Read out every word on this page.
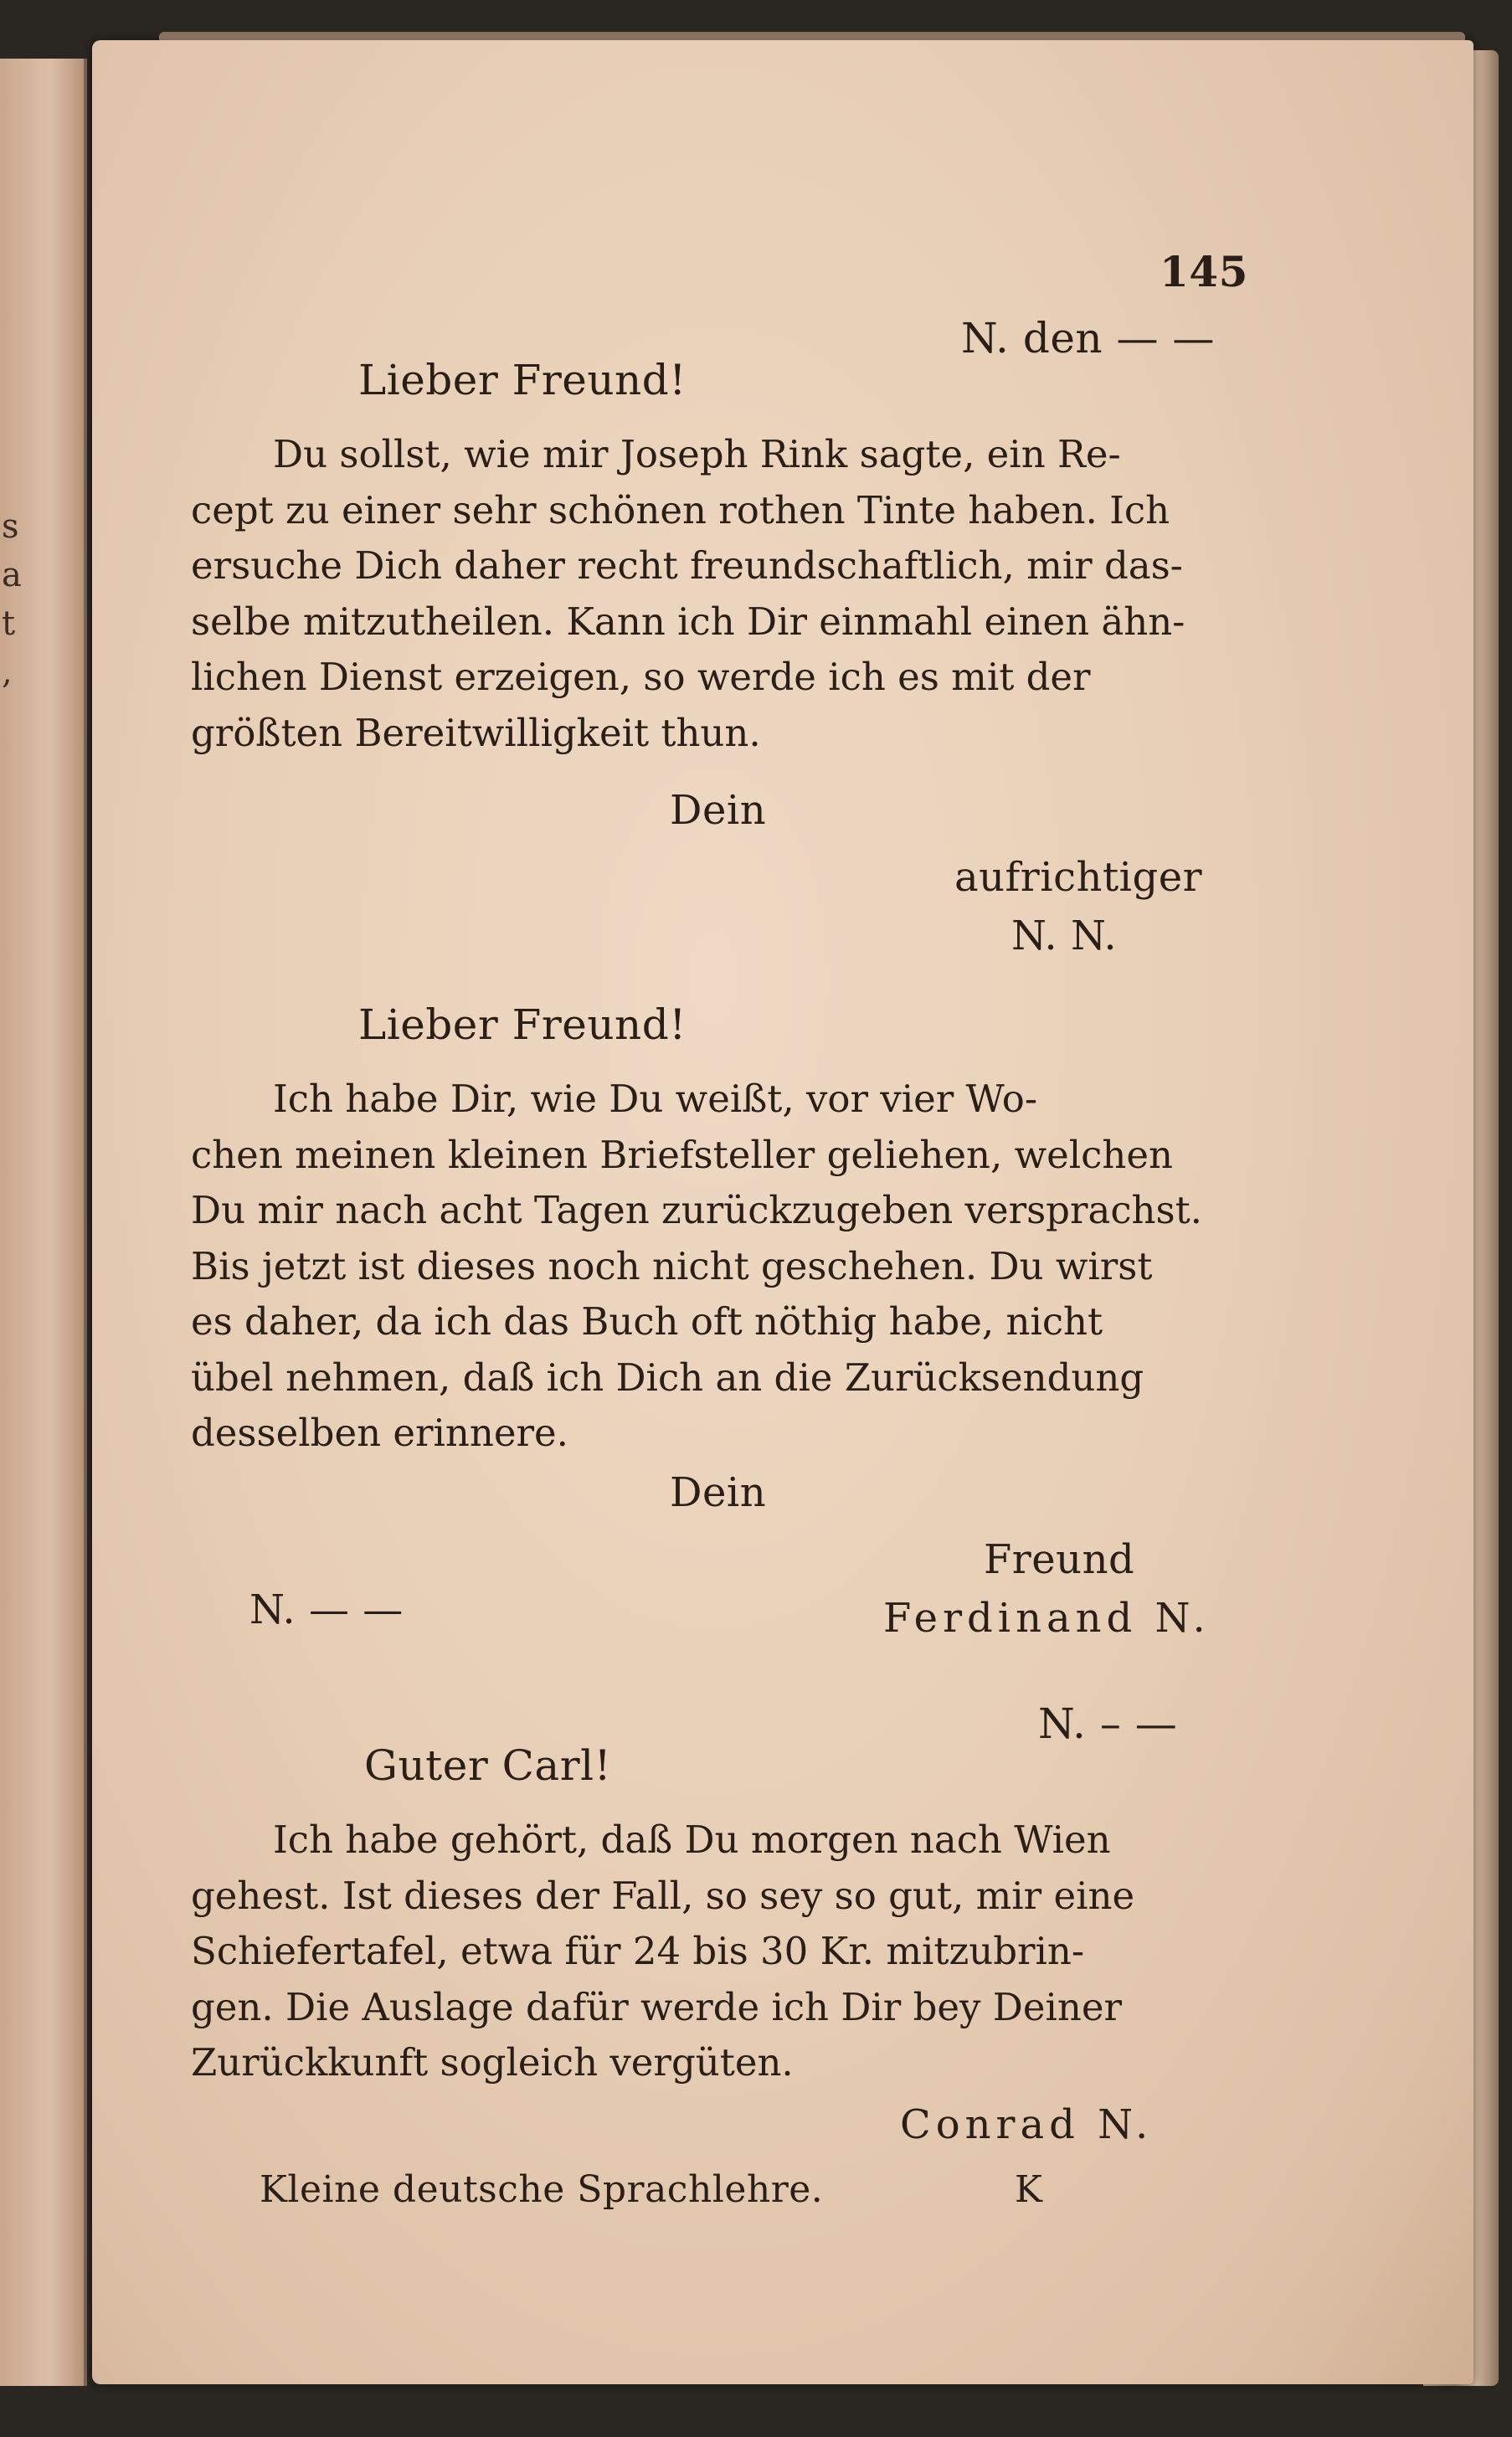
s
a
t
,
145
N. den — —
Lieber Freund!
Du sollst, wie mir Joseph Rink sagte, ein Re-
cept zu einer sehr schönen rothen Tinte haben. Ich
ersuche Dich daher recht freundschaftlich, mir das-
selbe mitzutheilen. Kann ich Dir einmahl einen ähn-
lichen Dienst erzeigen, so werde ich es mit der
größten Bereitwilligkeit thun.
Dein
aufrichtiger
N. N.
Lieber Freund!
Ich habe Dir, wie Du weißt, vor vier Wo-
chen meinen kleinen Briefsteller geliehen, welchen
Du mir nach acht Tagen zurückzugeben versprachst.
Bis jetzt ist dieses noch nicht geschehen. Du wirst
es daher, da ich das Buch oft nöthig habe, nicht
übel nehmen, daß ich Dich an die Zurücksendung
desselben erinnere.
Dein
Freund
N. — —	Ferdinand N.
N. – —
Guter Carl!
Ich habe gehört, daß Du morgen nach Wien
gehest. Ist dieses der Fall, so sey so gut, mir eine
Schiefertafel, etwa für 24 bis 30 Kr. mitzubrin-
gen. Die Auslage dafür werde ich Dir bey Deiner
Zurückkunft sogleich vergüten.
Conrad N.
Kleine deutsche Sprachlehre.	K
